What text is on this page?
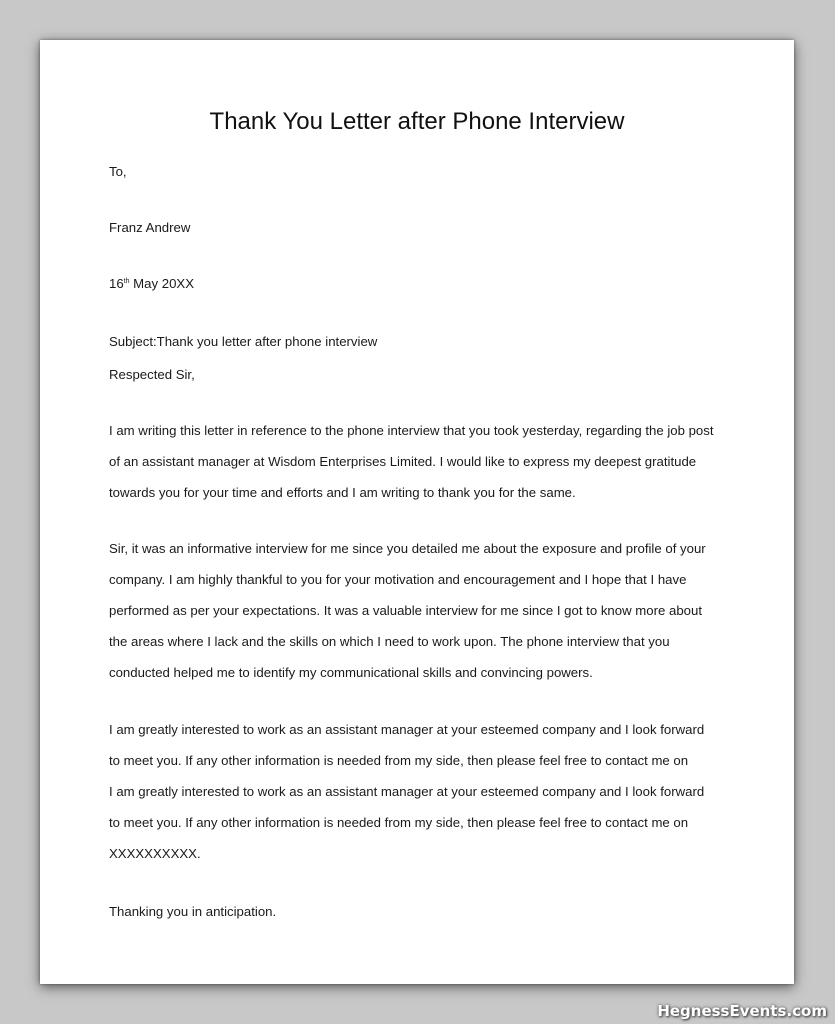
Thank You Letter after Phone Interview
To,
Franz Andrew
16th May 20XX
Subject:Thank you letter after phone interview
Respected Sir,
I am writing this letter in reference to the phone interview that you took yesterday, regarding the job post
of an assistant manager at Wisdom Enterprises Limited. I would like to express my deepest gratitude
towards you for your time and efforts and I am writing to thank you for the same.
Sir, it was an informative interview for me since you detailed me about the exposure and profile of your
company. I am highly thankful to you for your motivation and encouragement and I hope that I have
performed as per your expectations. It was a valuable interview for me since I got to know more about
the areas where I lack and the skills on which I need to work upon. The phone interview that you
conducted helped me to identify my communicational skills and convincing powers.
I am greatly interested to work as an assistant manager at your esteemed company and I look forward
to meet you. If any other information is needed from my side, then please feel free to contact me on
I am greatly interested to work as an assistant manager at your esteemed company and I look forward
to meet you. If any other information is needed from my side, then please feel free to contact me on
XXXXXXXXXX.
Thanking you in anticipation.
HegnessEvents.com
